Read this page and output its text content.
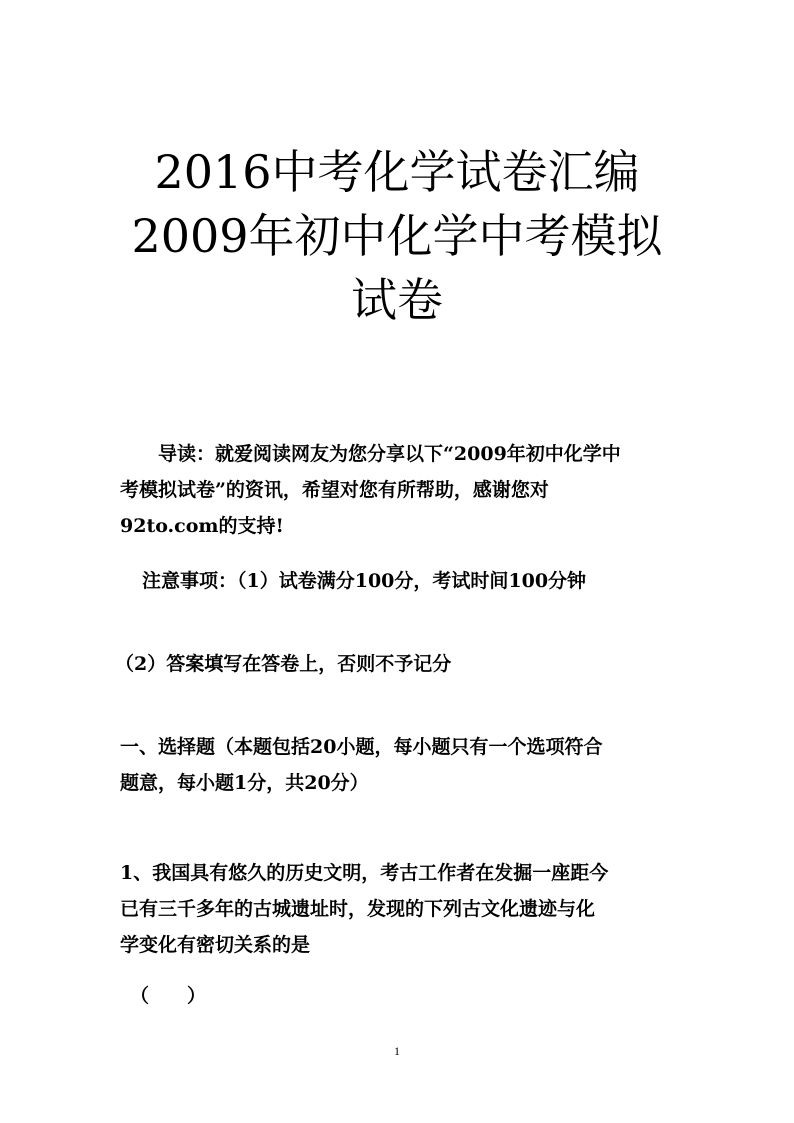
2016中考化学试卷汇编
2009年初中化学中考模拟
试卷
导读：就爱阅读网友为您分享以下“2009年初中化学中
考模拟试卷”的资讯，希望对您有所帮助，感谢您对
92to.com的支持!
注意事项：（1）试卷满分100分，考试时间100分钟
（2）答案填写在答卷上，否则不予记分
一、选择题（本题包括20小题，每小题只有一个选项符合
题意，每小题1分，共20分）
1、我国具有悠久的历史文明，考古工作者在发掘一座距今
已有三千多年的古城遗址时，发现的下列古文化遗迹与化
学变化有密切关系的是
（　　）
1
